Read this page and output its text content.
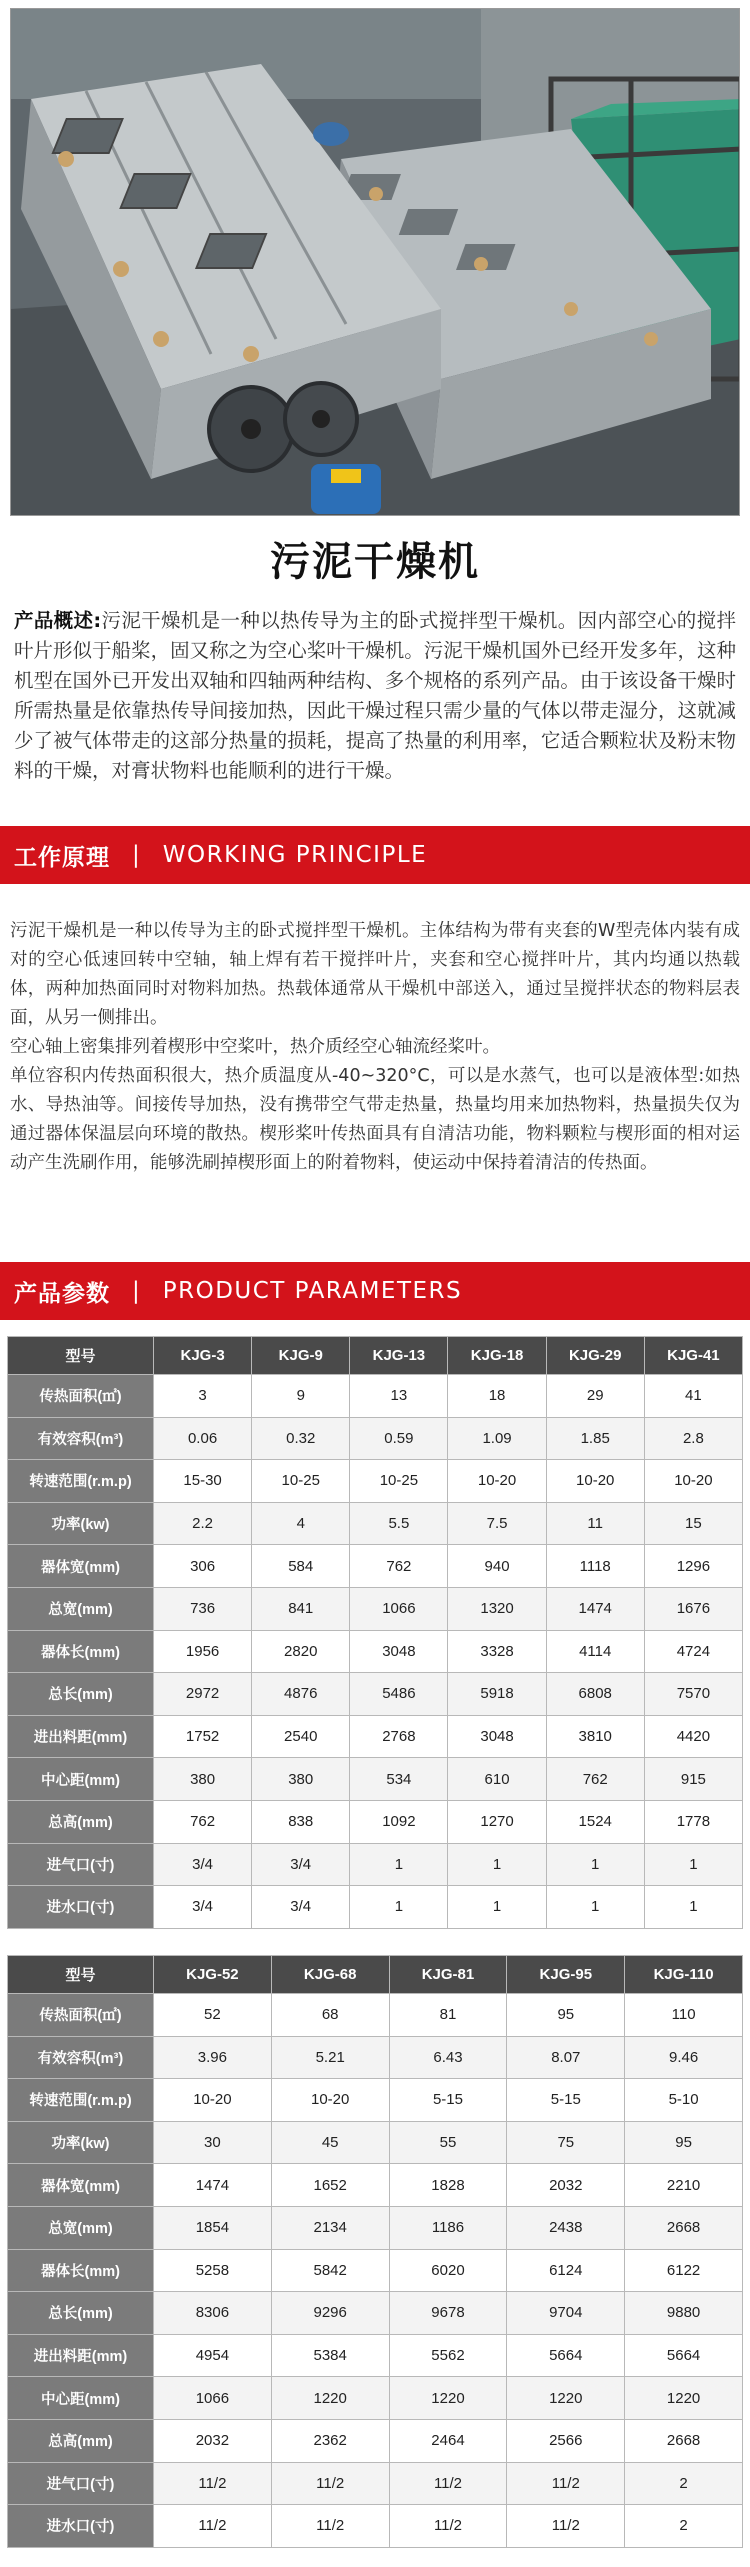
污泥干燥机
产品概述:污泥干燥机是一种以热传导为主的卧式搅拌型干燥机。因内部空心的搅拌叶片形似于船桨，固又称之为空心桨叶干燥机。污泥干燥机国外已经开发多年，这种机型在国外已开发出双轴和四轴两种结构、多个规格的系列产品。由于该设备干燥时所需热量是依靠热传导间接加热，因此干燥过程只需少量的气体以带走湿分，这就减少了被气体带走的这部分热量的损耗，提高了热量的利用率，它适合颗粒状及粉末物料的干燥，对膏状物料也能顺利的进行干燥。
工作原理 | WORKING PRINCIPLE

污泥干燥机是一种以传导为主的卧式搅拌型干燥机。主体结构为带有夹套的W型壳体内装有成对的空心低速回转中空轴，轴上焊有若干搅拌叶片，夹套和空心搅拌叶片，其内均通以热载体，两种加热面同时对物料加热。热载体通常从干燥机中部送入，通过呈搅拌状态的物料层表面，从另一侧排出。

空心轴上密集排列着楔形中空桨叶，热介质经空心轴流经桨叶。

单位容积内传热面积很大，热介质温度从-40~320°C，可以是水蒸气，也可以是液体型:如热水、导热油等。间接传导加热，没有携带空气带走热量，热量均用来加热物料，热量损失仅为通过器体保温层向环境的散热。楔形桨叶传热面具有自清洁功能，物料颗粒与楔形面的相对运动产生洗刷作用，能够洗刷掉楔形面上的附着物料，使运动中保持着清洁的传热面。

产品参数 | PRODUCT PARAMETERS
型号	KJG-3	KJG-9	KJG-13	KJG-18	KJG-29	KJG-41
传热面积(㎡)	3	9	13	18	29	41
有效容积(m³)	0.06	0.32	0.59	1.09	1.85	2.8
转速范围(r.m.p)	15-30	10-25	10-25	10-20	10-20	10-20
功率(kw)	2.2	4	5.5	7.5	11	15
器体宽(mm)	306	584	762	940	1118	1296
总宽(mm)	736	841	1066	1320	1474	1676
器体长(mm)	1956	2820	3048	3328	4114	4724
总长(mm)	2972	4876	5486	5918	6808	7570
进出料距(mm)	1752	2540	2768	3048	3810	4420
中心距(mm)	380	380	534	610	762	915
总高(mm)	762	838	1092	1270	1524	1778
进气口(寸)	3/4	3/4	1	1	1	1
进水口(寸)	3/4	3/4	1	1	1	1
型号	KJG-52	KJG-68	KJG-81	KJG-95	KJG-110
传热面积(㎡)	52	68	81	95	110
有效容积(m³)	3.96	5.21	6.43	8.07	9.46
转速范围(r.m.p)	10-20	10-20	5-15	5-15	5-10
功率(kw)	30	45	55	75	95
器体宽(mm)	1474	1652	1828	2032	2210
总宽(mm)	1854	2134	1186	2438	2668
器体长(mm)	5258	5842	6020	6124	6122
总长(mm)	8306	9296	9678	9704	9880
进出料距(mm)	4954	5384	5562	5664	5664
中心距(mm)	1066	1220	1220	1220	1220
总高(mm)	2032	2362	2464	2566	2668
进气口(寸)	11/2	11/2	11/2	11/2	2
进水口(寸)	11/2	11/2	11/2	11/2	2
